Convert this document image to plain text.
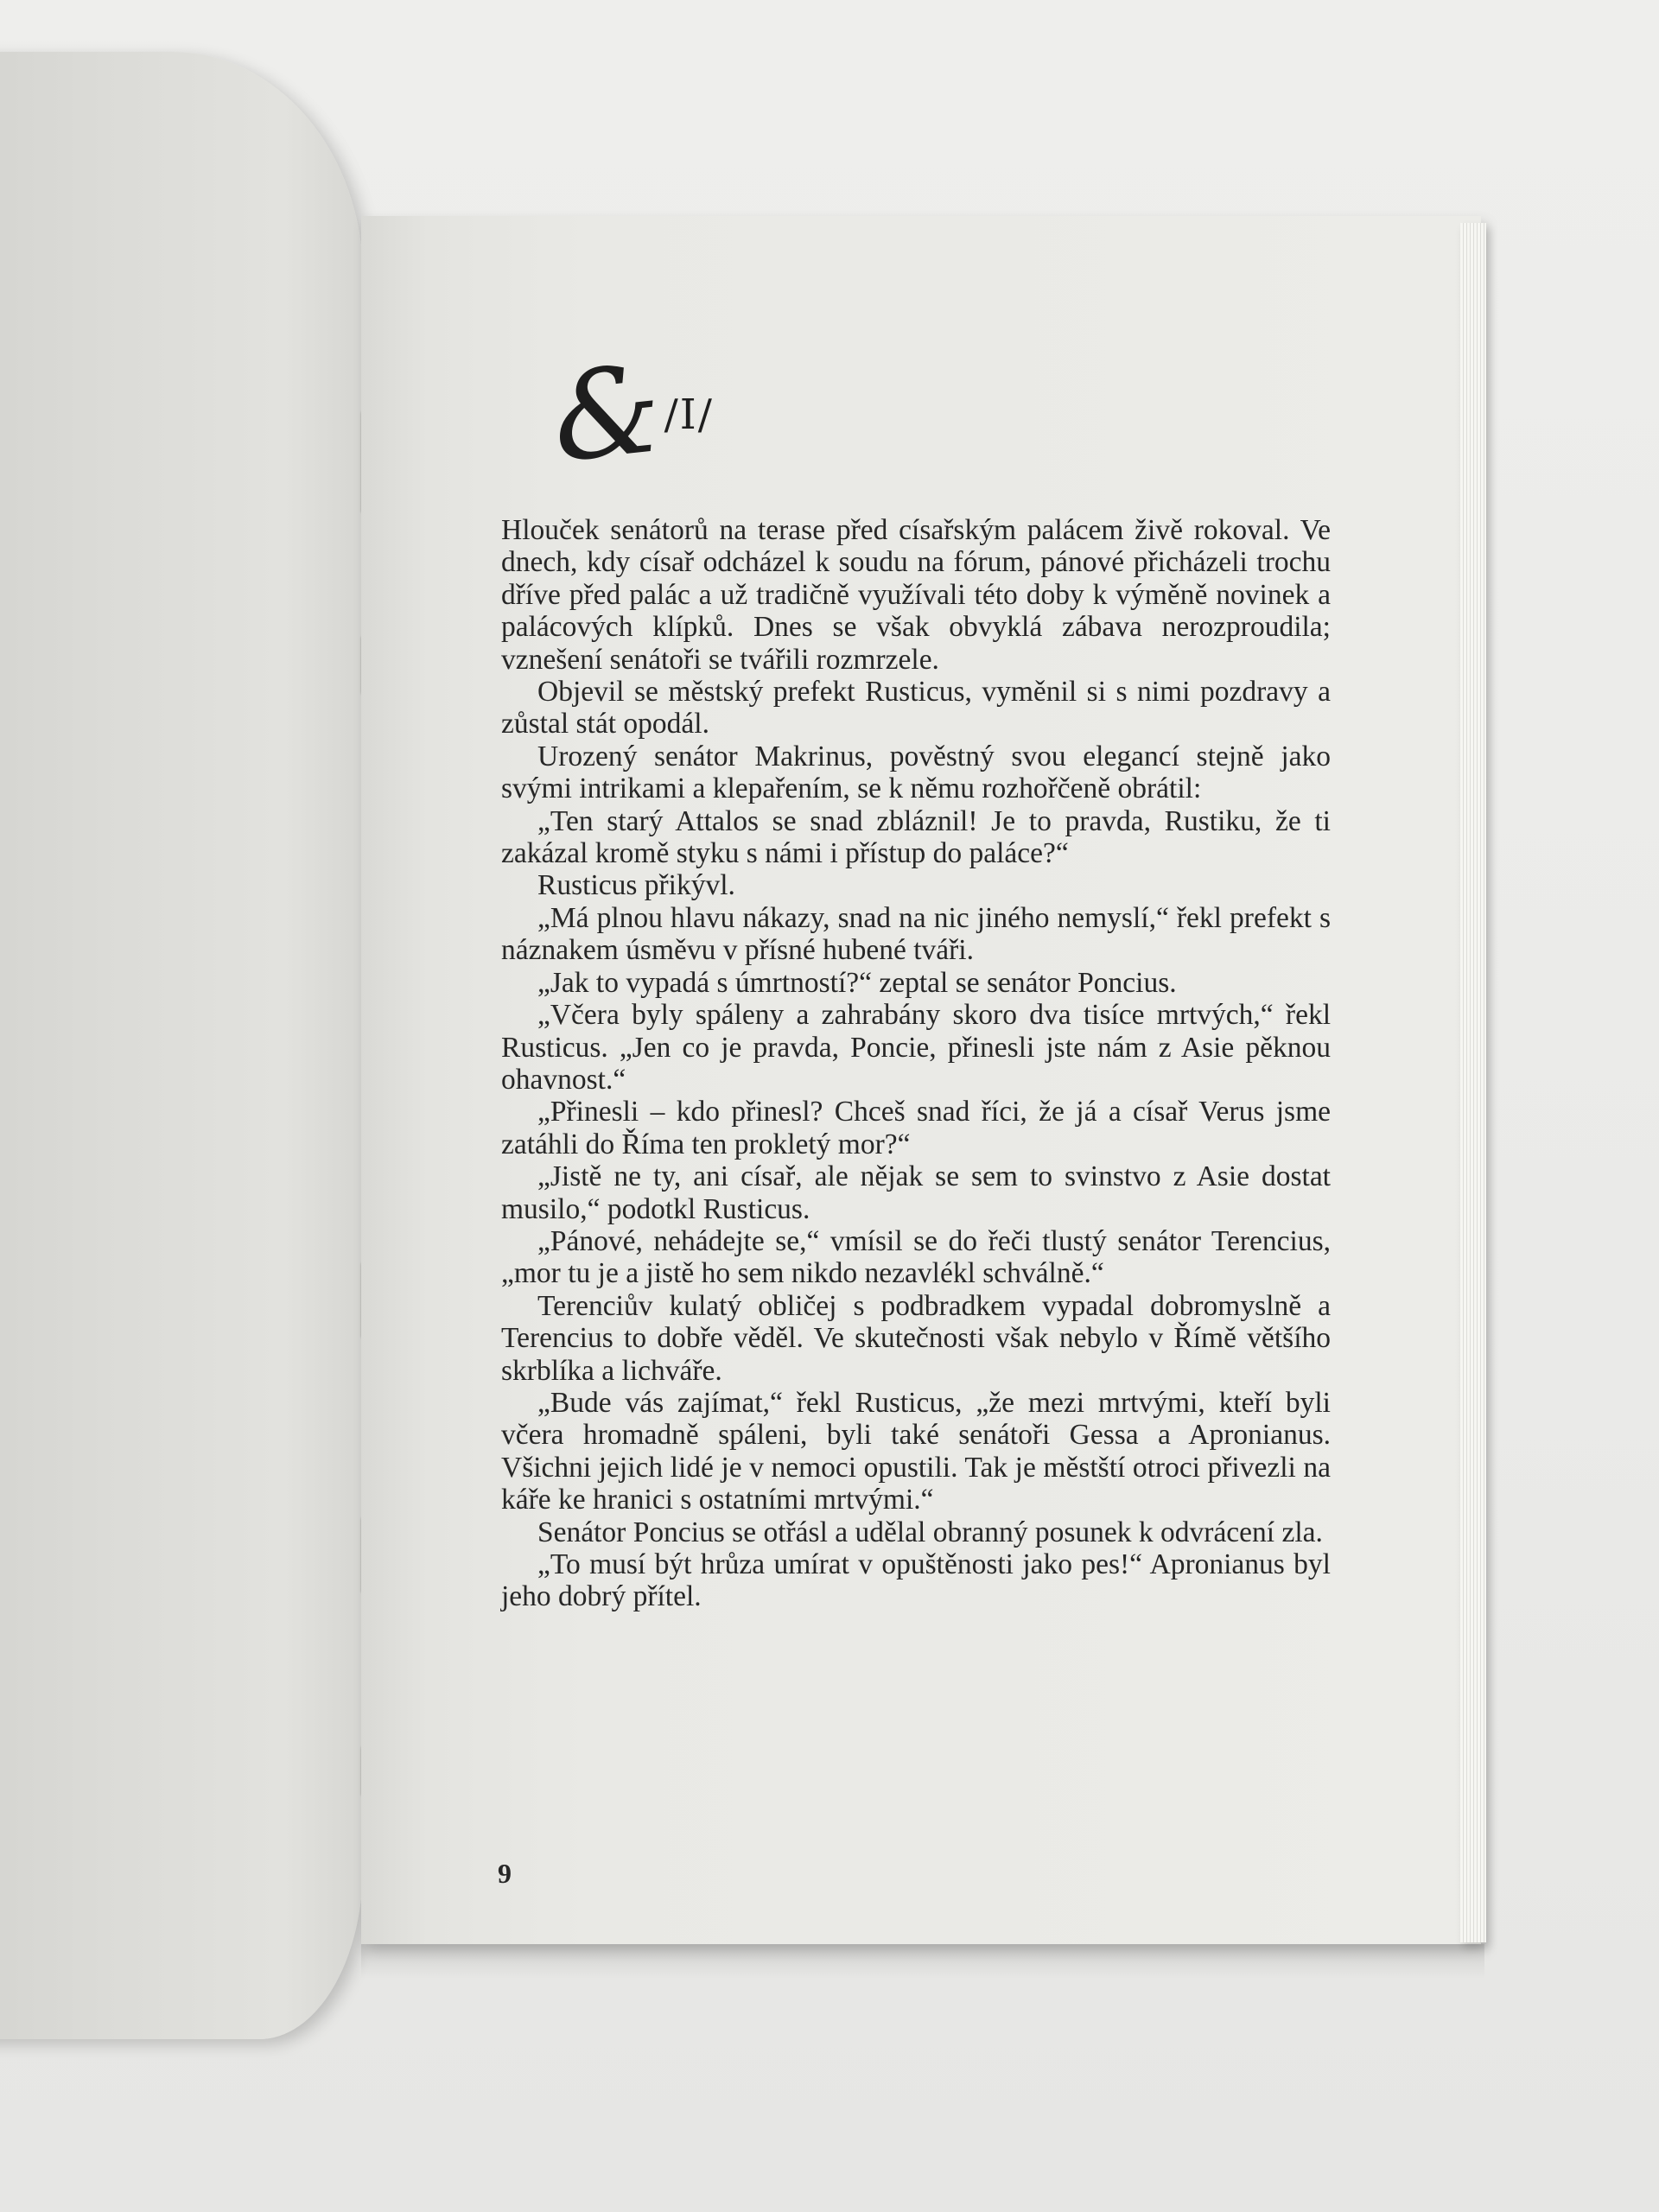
&
/I/

Hlouček senátorů na terase před císařským palácem živě rokoval. Ve dnech, kdy císař odcházel k soudu na fórum, pánové přicházeli trochu dříve před palác a už tradičně využívali této doby k výměně novinek a palácových klípků. Dnes se však obvyklá zábava nerozproudila; vznešení senátoři se tvářili rozmrzele.

Objevil se městský prefekt Rusticus, vyměnil si s nimi pozdravy a zůstal stát opodál.

Urozený senátor Makrinus, pověstný svou elegancí stejně jako svými intrikami a klepařením, se k němu rozhořčeně obrátil:

„Ten starý Attalos se snad zbláznil! Je to pravda, Rustiku, že ti zakázal kromě styku s námi i přístup do paláce?“

Rusticus přikývl.

„Má plnou hlavu nákazy, snad na nic jiného nemyslí,“ řekl prefekt s náznakem úsměvu v přísné hubené tváři.

„Jak to vypadá s úmrtností?“ zeptal se senátor Poncius.

„Včera byly spáleny a zahrabány skoro dva tisíce mrtvých,“ řekl Rusticus. „Jen co je pravda, Poncie, přinesli jste nám z Asie pěknou ohavnost.“

„Přinesli – kdo přinesl? Chceš snad říci, že já a císař Verus jsme zatáhli do Říma ten prokletý mor?“

„Jistě ne ty, ani císař, ale nějak se sem to svinstvo z Asie dostat musilo,“ podotkl Rusticus.

„Pánové, nehádejte se,“ vmísil se do řeči tlustý senátor Terencius, „mor tu je a jistě ho sem nikdo nezavlékl schválně.“

Terenciův kulatý obličej s podbradkem vypadal dobromyslně a Terencius to dobře věděl. Ve skutečnosti však nebylo v Římě většího skrblíka a lichváře.

„Bude vás zajímat,“ řekl Rusticus, „že mezi mrtvými, kteří byli včera hromadně spáleni, byli také senátoři Gessa a Apronianus. Všichni jejich lidé je v nemoci opustili. Tak je městští otroci přivezli na káře ke hranici s ostatními mrtvými.“

Senátor Poncius se otřásl a udělal obranný posunek k odvrácení zla.

„To musí být hrůza umírat v opuštěnosti jako pes!“ Apronianus byl jeho dobrý přítel.

9
